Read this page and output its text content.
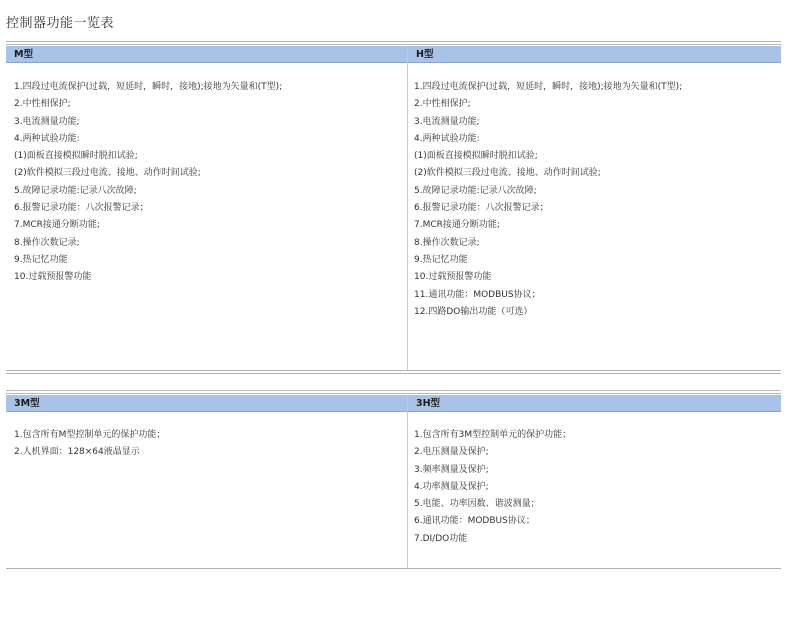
控制器功能一览表
M型	H型
1.四段过电流保护(过载，短延时，瞬时，接地);接地为矢量和(T型);
2.中性相保护;
3.电流测量功能;
4.两种试验功能:
(1)面板直接模拟瞬时脱扣试验;
(2)软件模拟三段过电流、接地、动作时间试验;
5.故障记录功能:记录八次故障;
6.报警记录功能：八次报警记录；
7.MCR接通分断功能;
8.操作次数记录;
9.热记忆功能
10.过载预报警功能
1.四段过电流保护(过载，短延时，瞬时，接地);接地为矢量和(T型);
2.中性相保护;
3.电流测量功能;
4.两种试验功能:
(1)面板直接模拟瞬时脱扣试验;
(2)软件模拟三段过电流、接地、动作时间试验;
5.故障记录功能:记录八次故障;
6.报警记录功能：八次报警记录；
7.MCR接通分断功能;
8.操作次数记录;
9.热记忆功能
10.过载预报警功能
11.通讯功能：MODBUS协议；
12.四路DO输出功能（可选）
3M型	3H型
1.包含所有M型控制单元的保护功能；
2.人机界面：128×64液晶显示
1.包含所有3M型控制单元的保护功能；
2.电压测量及保护;
3.频率测量及保护;
4.功率测量及保护;
5.电能、功率因数、谐波测量；
6.通讯功能：MODBUS协议；
7.DI/DO功能
